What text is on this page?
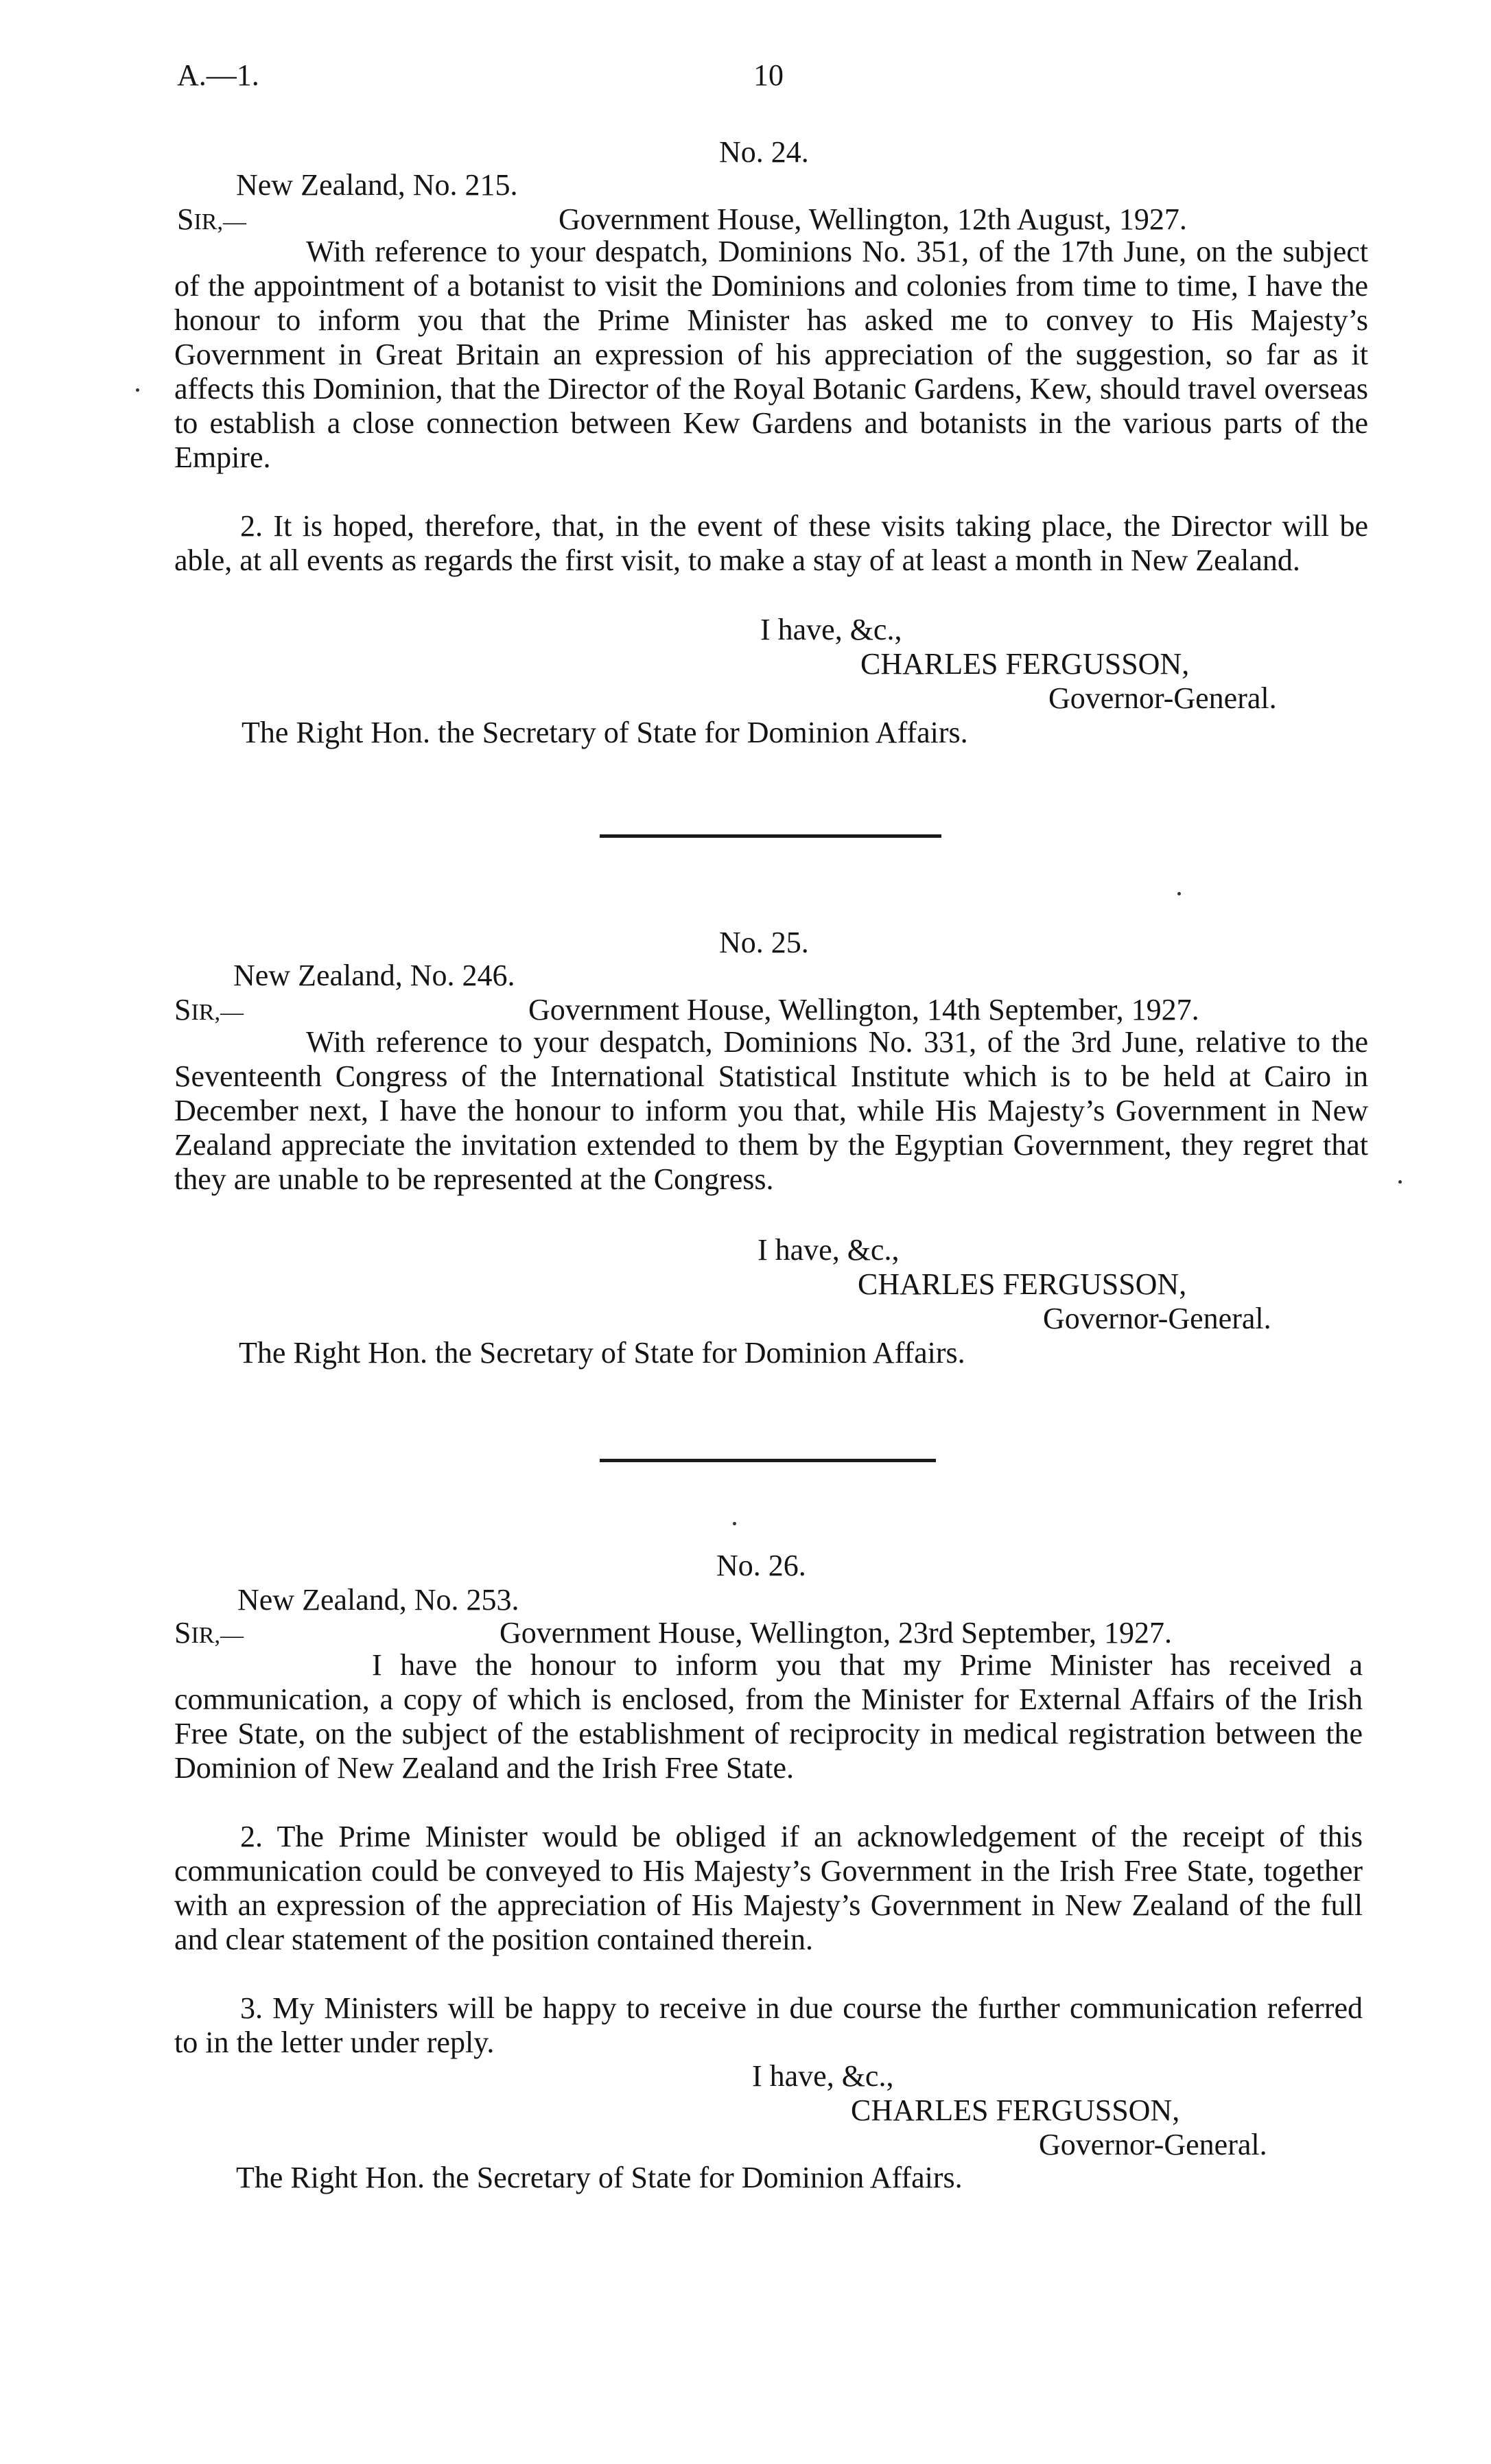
A.—1.	10
No. 24.
New Zealand, No. 215.
SIR,—	Government House, Wellington, 12th August, 1927.
With reference to your despatch, Dominions No. 351, of the 17th June, on the subject of the appointment of a botanist to visit the Dominions and colonies from time to time, I have the honour to inform you that the Prime Minister has asked me to convey to His Majesty’s Government in Great Britain an expression of his appreciation of the suggestion, so far as it affects this Dominion, that the Director of the Royal Botanic Gardens, Kew, should travel overseas to establish a close connection between Kew Gardens and botanists in the various parts of the Empire.
2. It is hoped, therefore, that, in the event of these visits taking place, the Director will be able, at all events as regards the first visit, to make a stay of at least a month in New Zealand.
I have, &c.,
CHARLES FERGUSSON,
Governor-General.
The Right Hon. the Secretary of State for Dominion Affairs.
No. 25.
New Zealand, No. 246.
SIR,—	Government House, Wellington, 14th September, 1927.
With reference to your despatch, Dominions No. 331, of the 3rd June, relative to the Seventeenth Congress of the International Statistical Institute which is to be held at Cairo in December next, I have the honour to inform you that, while His Majesty’s Government in New Zealand appreciate the invitation extended to them by the Egyptian Government, they regret that they are unable to be represented at the Congress.
I have, &c.,
CHARLES FERGUSSON,
Governor-General.
The Right Hon. the Secretary of State for Dominion Affairs.
No. 26.
New Zealand, No. 253.
SIR,—	Government House, Wellington, 23rd September, 1927.
I have the honour to inform you that my Prime Minister has received a communication, a copy of which is enclosed, from the Minister for External Affairs of the Irish Free State, on the subject of the establishment of reciprocity in medical registration between the Dominion of New Zealand and the Irish Free State.
2. The Prime Minister would be obliged if an acknowledgement of the receipt of this communication could be conveyed to His Majesty’s Government in the Irish Free State, together with an expression of the appreciation of His Majesty’s Government in New Zealand of the full and clear statement of the position contained therein.
3. My Ministers will be happy to receive in due course the further communication referred to in the letter under reply.
I have, &c.,
CHARLES FERGUSSON,
Governor-General.
The Right Hon. the Secretary of State for Dominion Affairs.
